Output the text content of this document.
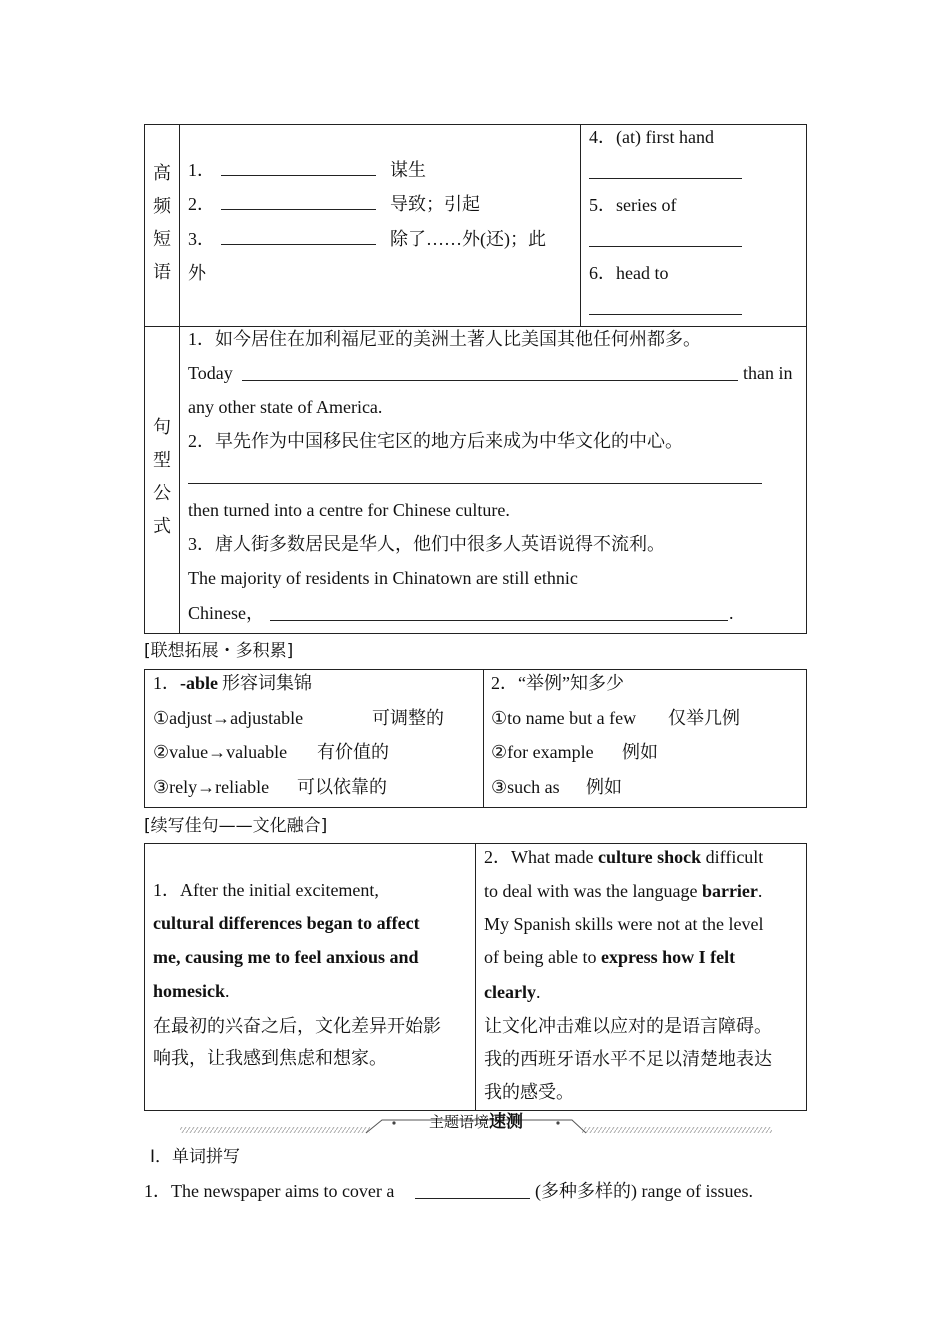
高
频
短
语
1．	谋生
2．	导致；引起
3．	除了……外(还)；此
外
4．(at) first hand
5．series of
6．head to
句
型
公
式
1．如今居住在加利福尼亚的美洲土著人比美国其他任何州都多。
Today	than in
any other state of America.
2．早先作为中国移民住宅区的地方后来成为中华文化的中心。
then turned into a centre for Chinese culture.
3．唐人街多数居民是华人，他们中很多人英语说得不流利。
The majority of residents in Chinatown are still ethnic
Chinese，	.
[联想拓展・多积累]
1．-able 形容词集锦
①adjust→adjustable	可调整的
②value→valuable 有价值的
③rely→reliable 可以依靠的
2．“举例”知多少
①to name but a few 仅举几例
②for example 例如
③such as 例如
[续写佳句——文化融合]
1．After the initial excitement,
cultural differences began to affect
me, causing me to feel anxious and
homesick.
在最初的兴奋之后，文化差异开始影
响我，让我感到焦虑和想家。
2．What made culture shock difficult
to deal with was the language barrier.
My Spanish skills were not at the level
of being able to express how I felt
clearly.
让文化冲击难以应对的是语言障碍。
我的西班牙语水平不足以清楚地表达
我的感受。
主题语境速测
Ⅰ．单词拼写
1．The newspaper aims to cover a	(多种多样的) range of issues.
